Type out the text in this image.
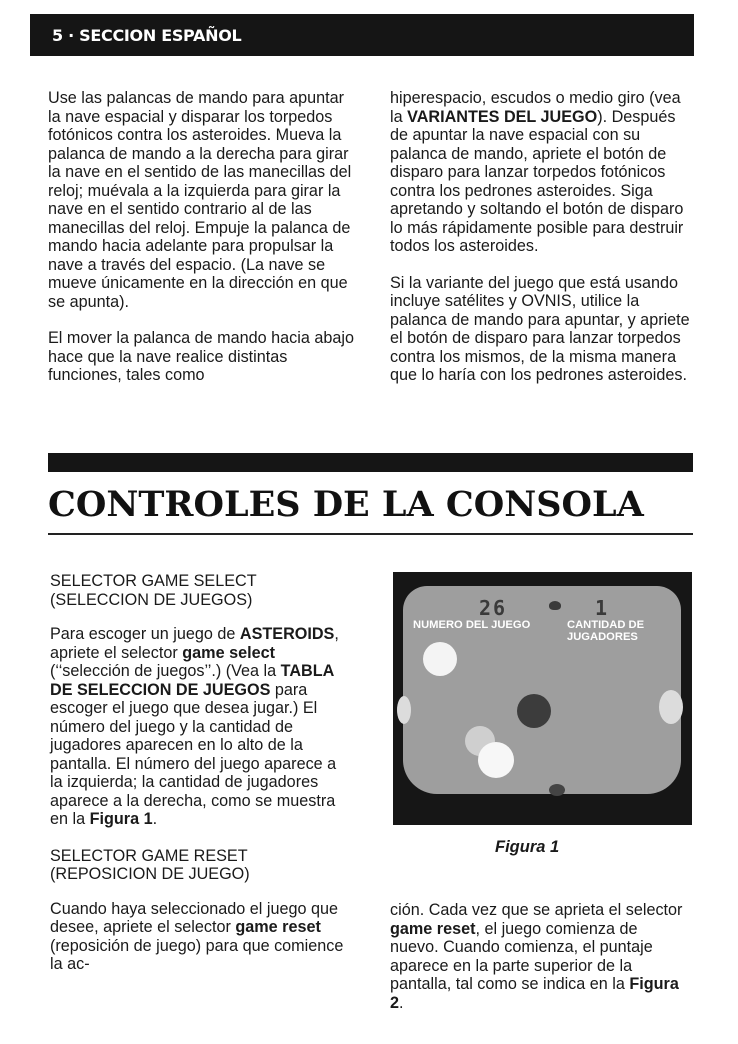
5 · SECCION ESPAÑOL

Use las palancas de mando para apuntar la nave espacial y disparar los torpedos fotónicos contra los asteroides. Mueva la palanca de mando a la derecha para girar la nave en el sentido de las manecillas del reloj; muévala a la izquierda para girar la nave en el sentido contrario al de las manecillas del reloj. Empuje la palanca de mando hacia adelante para propulsar la nave a través del espacio. (La nave se mueve únicamente en la dirección en que se apunta).

El mover la palanca de mando hacia abajo hace que la nave realice distintas funciones, tales como

hiperespacio, escudos o medio giro (vea la VARIANTES DEL JUEGO). Después de apuntar la nave espacial con su palanca de mando, apriete el botón de disparo para lanzar torpedos fotónicos contra los pedrones asteroides. Siga apretando y soltando el botón de disparo lo más rápidamente posible para destruir todos los asteroides.

Si la variante del juego que está usando incluye satélites y OVNIS, utilice la palanca de mando para apuntar, y apriete el botón de disparo para lanzar torpedos contra los mismos, de la misma manera que lo haría con los pedrones asteroides.

CONTROLES DE LA CONSOLA
SELECTOR GAME SELECT (SELECCION DE JUEGOS)

Para escoger un juego de ASTEROIDS, apriete el selector game select (‘‘selección de juegos’’.) (Vea la TABLA DE SELECCION DE JUEGOS para escoger el juego que desea jugar.) El número del juego y la cantidad de jugadores aparecen en lo alto de la pantalla. El número del juego aparece a la izquierda; la cantidad de jugadores aparece a la derecha, como se muestra en la Figura 1.

SELECTOR GAME RESET (REPOSICION DE JUEGO)

Cuando haya seleccionado el juego que desee, apriete el selector game reset (reposición de juego) para que comience la ac-

26	1
NUMERO DEL JUEGO	CANTIDAD DE JUGADORES

Figura 1

ción. Cada vez que se aprieta el selector game reset, el juego comienza de nuevo. Cuando comienza, el puntaje aparece en la parte superior de la pantalla, tal como se indica en la Figura 2.
